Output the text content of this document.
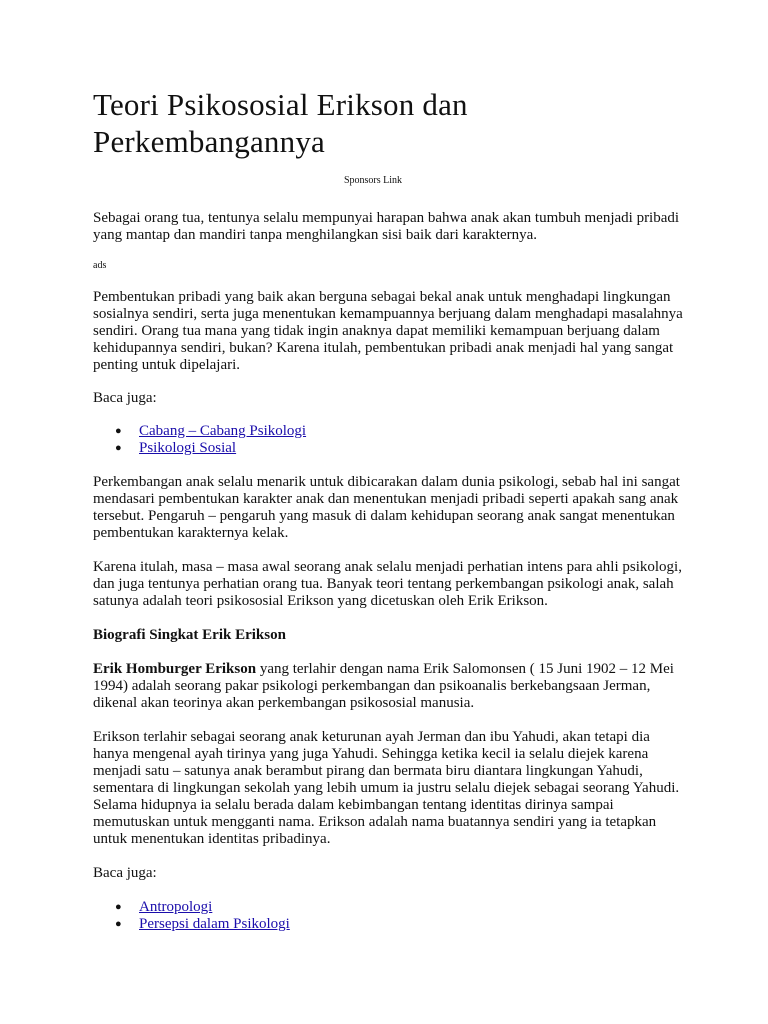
Teori Psikososial Erikson dan Perkembangannya
Sponsors Link

Sebagai orang tua, tentunya selalu mempunyai harapan bahwa anak akan tumbuh menjadi pribadi yang mantap dan mandiri tanpa menghilangkan sisi baik dari karakternya.

ads

Pembentukan pribadi yang baik akan berguna sebagai bekal anak untuk menghadapi lingkungan sosialnya sendiri, serta juga menentukan kemampuannya berjuang dalam menghadapi masalahnya sendiri. Orang tua mana yang tidak ingin anaknya dapat memiliki kemampuan berjuang dalam kehidupannya sendiri, bukan? Karena itulah, pembentukan pribadi anak menjadi hal yang sangat penting untuk dipelajari.

Baca juga:

● Cabang – Cabang Psikologi
● Psikologi Sosial

Perkembangan anak selalu menarik untuk dibicarakan dalam dunia psikologi, sebab hal ini sangat mendasari pembentukan karakter anak dan menentukan menjadi pribadi seperti apakah sang anak tersebut. Pengaruh – pengaruh yang masuk di dalam kehidupan seorang anak sangat menentukan pembentukan karakternya kelak.

Karena itulah, masa – masa awal seorang anak selalu menjadi perhatian intens para ahli psikologi, dan juga tentunya perhatian orang tua. Banyak teori tentang perkembangan psikologi anak, salah satunya adalah teori psikososial Erikson yang dicetuskan oleh Erik Erikson.

Biografi Singkat Erik Erikson

Erik Homburger Erikson yang terlahir dengan nama Erik Salomonsen ( 15 Juni 1902 – 12 Mei 1994) adalah seorang pakar psikologi perkembangan dan psikoanalis berkebangsaan Jerman, dikenal akan teorinya akan perkembangan psikososial manusia.

Erikson terlahir sebagai seorang anak keturunan ayah Jerman dan ibu Yahudi, akan tetapi dia hanya mengenal ayah tirinya yang juga Yahudi. Sehingga ketika kecil ia selalu diejek karena menjadi satu – satunya anak berambut pirang dan bermata biru diantara lingkungan Yahudi, sementara di lingkungan sekolah yang lebih umum ia justru selalu diejek sebagai seorang Yahudi. Selama hidupnya ia selalu berada dalam kebimbangan tentang identitas dirinya sampai memutuskan untuk mengganti nama. Erikson adalah nama buatannya sendiri yang ia tetapkan untuk menentukan identitas pribadinya.

Baca juga:

● Antropologi
● Persepsi dalam Psikologi
